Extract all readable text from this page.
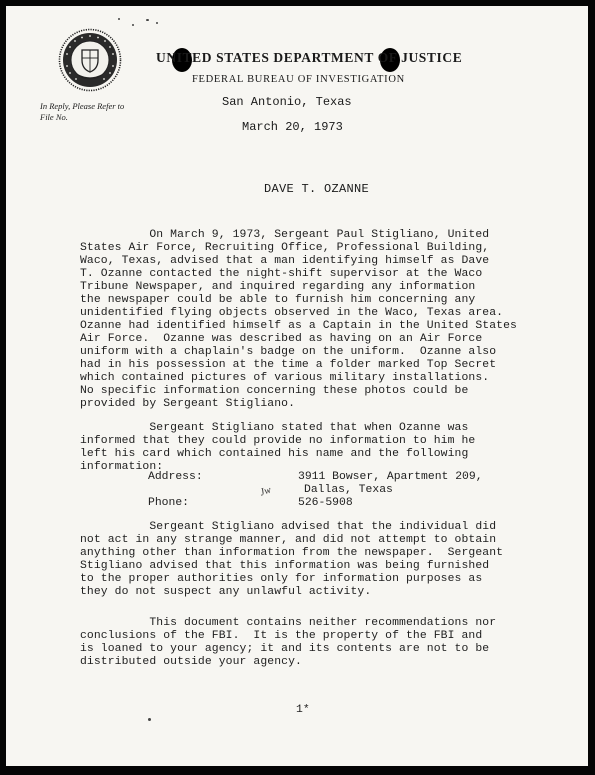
UNITED STATES DEPARTMENT OF JUSTICE
FEDERAL BUREAU OF INVESTIGATION
San Antonio, Texas
March 20, 1973
In Reply, Please Refer to
File No.
DAVE T. OZANNE
On March 9, 1973, Sergeant Paul Stigliano, United
States Air Force, Recruiting Office, Professional Building,
Waco, Texas, advised that a man identifying himself as Dave
T. Ozanne contacted the night-shift supervisor at the Waco
Tribune Newspaper, and inquired regarding any information
the newspaper could be able to furnish him concerning any
unidentified flying objects observed in the Waco, Texas area.
Ozanne had identified himself as a Captain in the United States
Air Force.  Ozanne was described as having on an Air Force
uniform with a chaplain's badge on the uniform.  Ozanne also
had in his possession at the time a folder marked Top Secret
which contained pictures of various military installations.
No specific information concerning these photos could be
provided by Sergeant Stigliano.
Sergeant Stigliano stated that when Ozanne was
informed that they could provide no information to him he
left his card which contained his name and the following
information:
Address:	3911 Bowser, Apartment 209,
Dallas, Texas
Phone:	526-5908
Jw
Sergeant Stigliano advised that the individual did
not act in any strange manner, and did not attempt to obtain
anything other than information from the newspaper.  Sergeant
Stigliano advised that this information was being furnished
to the proper authorities only for information purposes as
they do not suspect any unlawful activity.
This document contains neither recommendations nor
conclusions of the FBI.  It is the property of the FBI and
is loaned to your agency; it and its contents are not to be
distributed outside your agency.
1*
